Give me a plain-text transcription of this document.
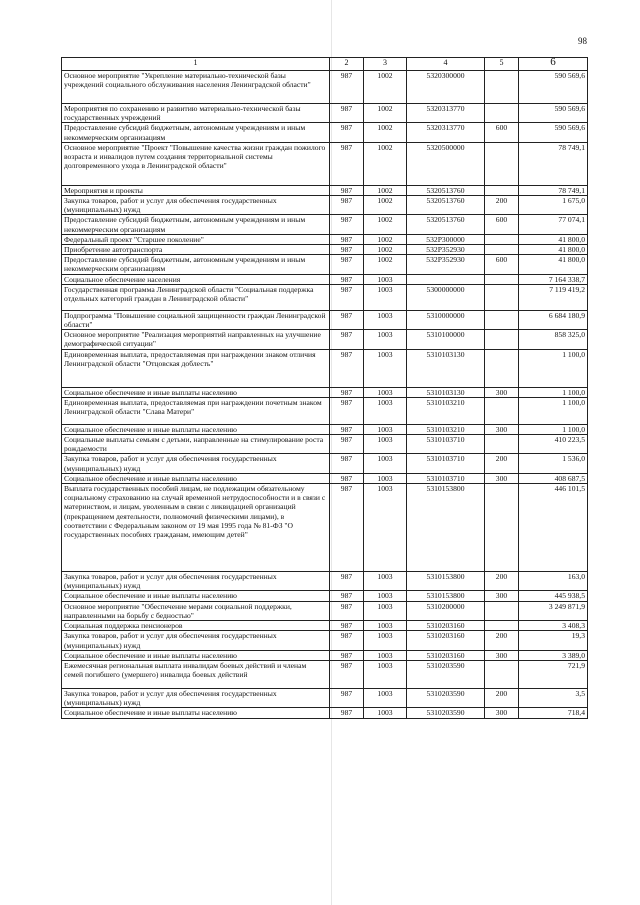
98
1	2	3	4	5	6
Основное мероприятие "Укрепление материально-технической базы учреждений социального обслуживания населения Ленинградской области"	987	1002	5320300000		590 569,6
Мероприятия по сохранению и развитию материально-технической базы государственных учреждений	987	1002	5320313770		590 569,6
Предоставление субсидий бюджетным, автономным учреждениям и иным некоммерческим организациям	987	1002	5320313770	600	590 569,6
Основное мероприятие "Проект "Повышение качества жизни граждан пожилого возраста и инвалидов путем создания территориальной системы долговременного ухода в Ленинградской области"	987	1002	5320500000		78 749,1
Мероприятия и проекты	987	1002	5320513760		78 749,1
Закупка товаров, работ и услуг для обеспечения государственных (муниципальных) нужд	987	1002	5320513760	200	1 675,0
Предоставление субсидий бюджетным, автономным учреждениям и иным некоммерческим организациям	987	1002	5320513760	600	77 074,1
Федеральный проект "Старшее поколение"	987	1002	532P300000		41 800,0
Приобретение автотранспорта	987	1002	532P352930		41 800,0
Предоставление субсидий бюджетным, автономным учреждениям и иным некоммерческим организациям	987	1002	532P352930	600	41 800,0
Социальное обеспечение населения	987	1003			7 164 338,7
Государственная программа Ленинградской области "Социальная поддержка отдельных категорий граждан в Ленинградской области"	987	1003	5300000000		7 119 419,2
Подпрограмма "Повышение социальной защищенности граждан Ленинградской области"	987	1003	5310000000		6 684 180,9
Основное мероприятие "Реализация мероприятий направленных на улучшение демографической ситуации"	987	1003	5310100000		858 325,0
Единовременная выплата, предоставляемая при награждении знаком отличия Ленинградской области "Отцовская доблесть"	987	1003	5310103130		1 100,0
Социальное обеспечение и иные выплаты населению	987	1003	5310103130	300	1 100,0
Единовременная выплата, предоставляемая при награждении почетным знаком Ленинградской области "Слава Матери"	987	1003	5310103210		1 100,0
Социальное обеспечение и иные выплаты населению	987	1003	5310103210	300	1 100,0
Социальные выплаты семьям с детьми, направленные на стимулирование роста рождаемости	987	1003	5310103710		410 223,5
Закупка товаров, работ и услуг для обеспечения государственных (муниципальных) нужд	987	1003	5310103710	200	1 536,0
Социальное обеспечение и иные выплаты населению	987	1003	5310103710	300	408 687,5
Выплата государственных пособий лицам, не подлежащим обязательному социальному страхованию на случай временной нетрудоспособности и в связи с материнством, и лицам, уволенным в связи с ликвидацией организаций (прекращением деятельности, полномочий физическими лицами), в соответствии с Федеральным законом от 19 мая 1995 года № 81-ФЗ "О государственных пособиях гражданам, имеющим детей"	987	1003	5310153800		446 101,5
Закупка товаров, работ и услуг для обеспечения государственных (муниципальных) нужд	987	1003	5310153800	200	163,0
Социальное обеспечение и иные выплаты населению	987	1003	5310153800	300	445 938,5
Основное мероприятие "Обеспечение мерами социальной поддержки, направленными на борьбу с бедностью"	987	1003	5310200000		3 249 871,9
Социальная поддержка пенсионеров	987	1003	5310203160		3 408,3
Закупка товаров, работ и услуг для обеспечения государственных (муниципальных) нужд	987	1003	5310203160	200	19,3
Социальное обеспечение и иные выплаты населению	987	1003	5310203160	300	3 389,0
Ежемесячная региональная выплата инвалидам боевых действий и членам семей погибшего (умершего) инвалида боевых действий	987	1003	5310203590		721,9
Закупка товаров, работ и услуг для обеспечения государственных (муниципальных) нужд	987	1003	5310203590	200	3,5
Социальное обеспечение и иные выплаты населению	987	1003	5310203590	300	718,4
